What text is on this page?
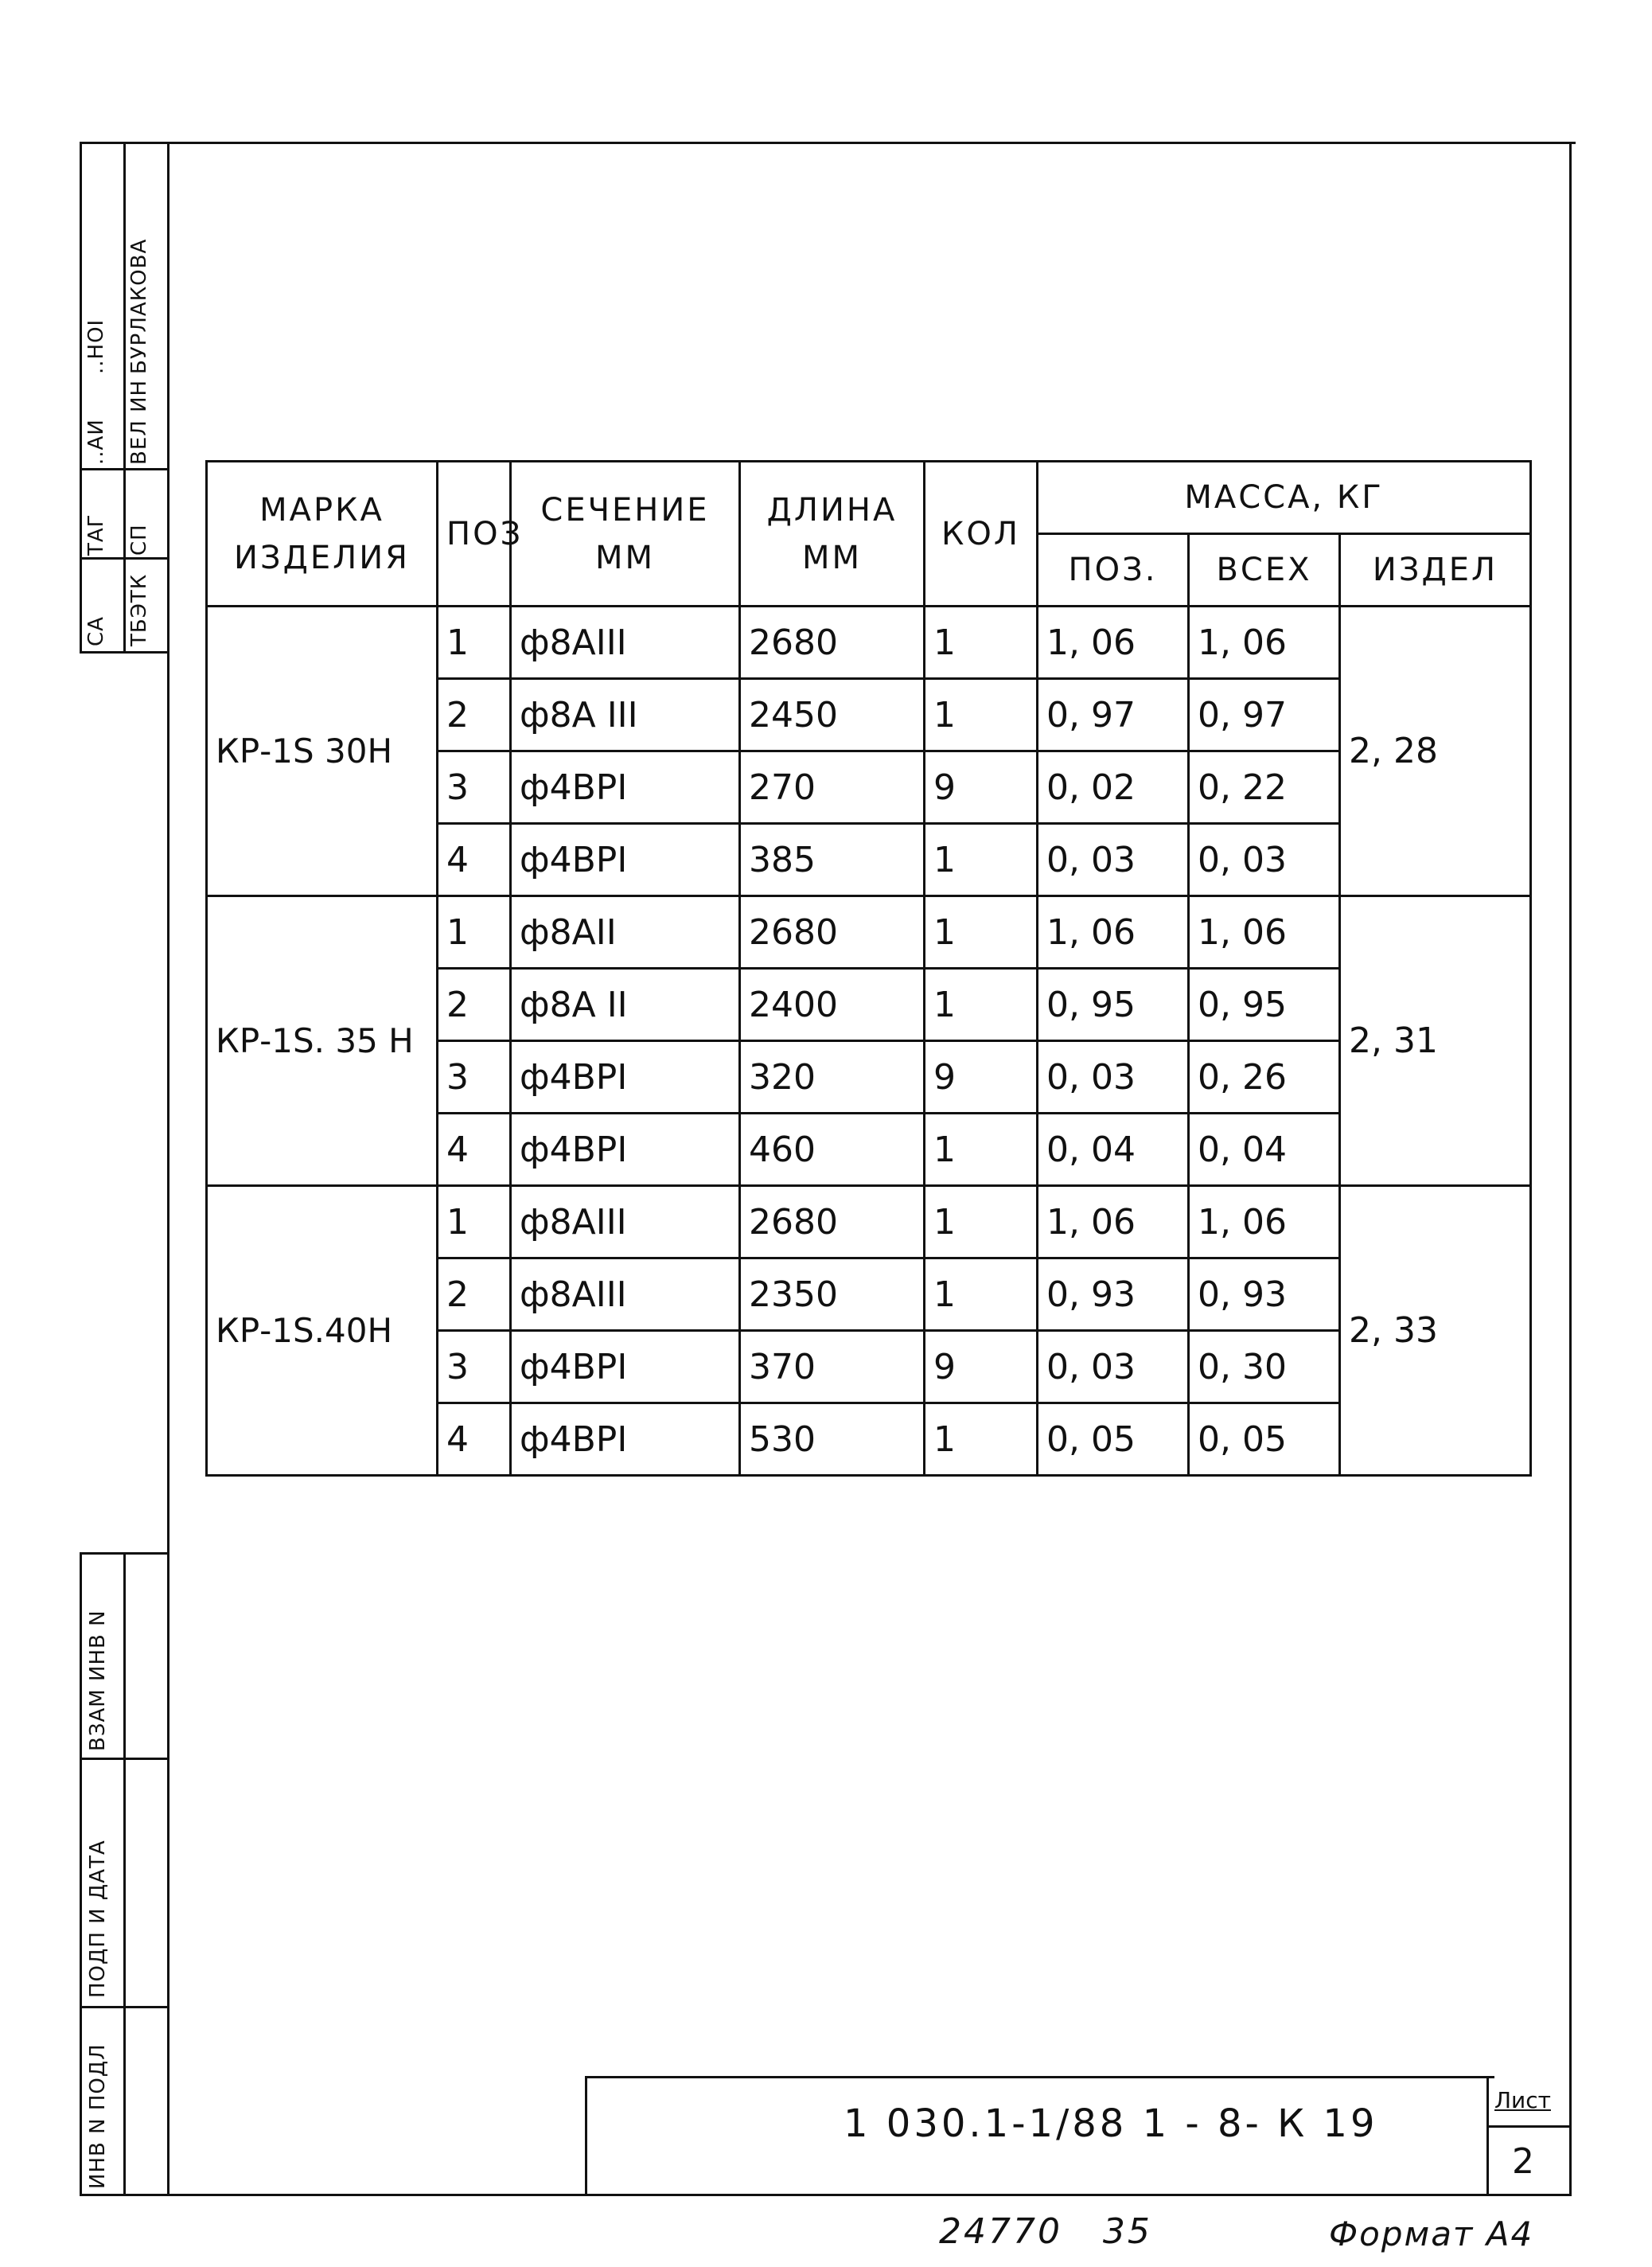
СА
ТАГ
ТБЭТК
СП
ВЕЛ ИН
БУРЛАКОВА
..АИ
..НОI
ВЗАМ ИНВ N
ПОДП И ДАТА
ИНВ N ПОДЛ
МАРКА ИЗДЕЛИЯ	ПОЗ	СЕЧЕНИЕ ММ	ДЛИНА ММ	КОЛ	МАССА, КГ		
					ПОЗ.	ВСЕХ	ИЗДЕЛ
КР-1S 30Н	1	ф8АIII	2680	1	1, 06	1, 06	2, 28
	2	ф8А III	2450	1	0, 97	0, 97	
	3	ф4ВРI	270	9	0, 02	0, 22	
	4	ф4ВРI	385	1	0, 03	0, 03	
КР-1S. 35 Н	1	ф8АII	2680	1	1, 06	1, 06	2, 31
	2	ф8А II	2400	1	0, 95	0, 95	
	3	ф4ВРI	320	9	0, 03	0, 26	
	4	ф4ВРI	460	1	0, 04	0, 04	
КР-1S.40Н	1	ф8АIII	2680	1	1, 06	1, 06	2, 33
	2	ф8АIII	2350	1	0, 93	0, 93	
	3	ф4ВРI	370	9	0, 03	0, 30	
	4	ф4ВРI	530	1	0, 05	0, 05	
1 030.1-1/88 1 - 8- К 19
Лист
2
24770   35	Формат А4
